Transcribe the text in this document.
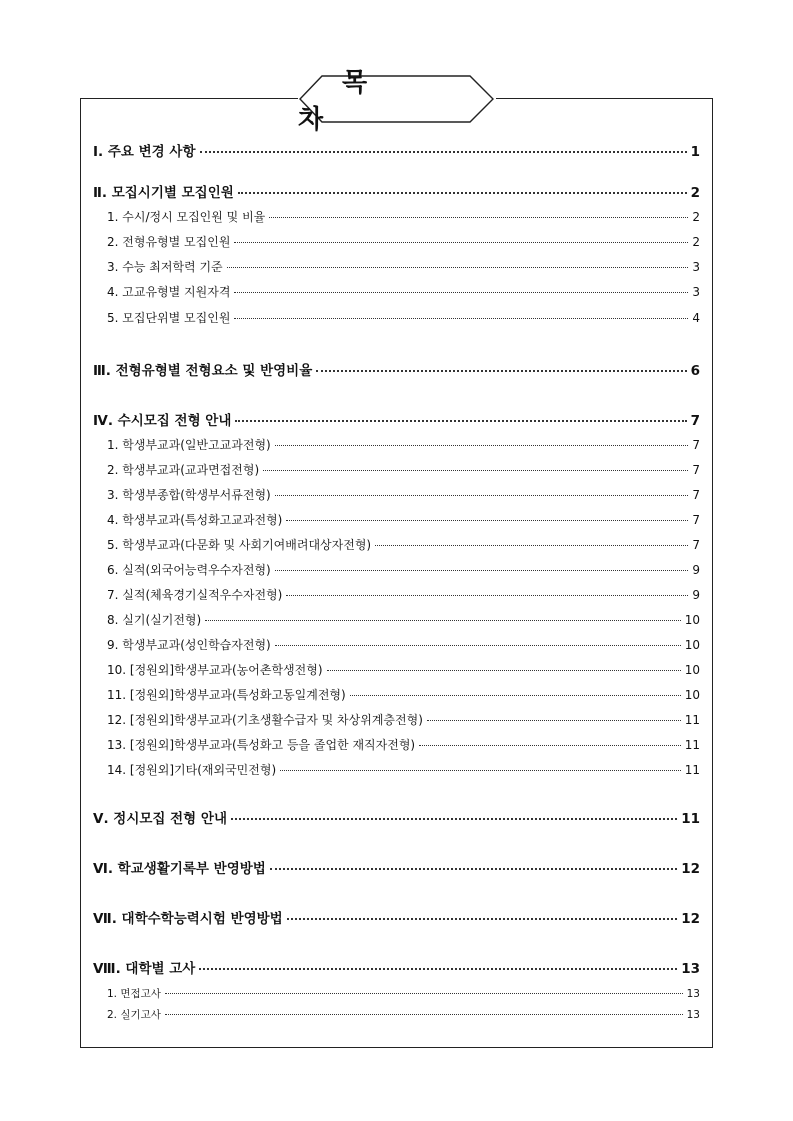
목 차
Ⅰ. 주요 변경 사항	1
Ⅱ. 모집시기별 모집인원	2
1. 수시/정시 모집인원 및 비율	2
2. 전형유형별 모집인원	2
3. 수능 최저학력 기준	3
4. 고교유형별 지원자격	3
5. 모집단위별 모집인원	4
Ⅲ. 전형유형별 전형요소 및 반영비율	6
Ⅳ. 수시모집 전형 안내	7
1. 학생부교과(일반고교과전형)	7
2. 학생부교과(교과면접전형)	7
3. 학생부종합(학생부서류전형)	7
4. 학생부교과(특성화고교과전형)	7
5. 학생부교과(다문화 및 사회기여배려대상자전형)	7
6. 실적(외국어능력우수자전형)	9
7. 실적(체육경기실적우수자전형)	9
8. 실기(실기전형)	10
9. 학생부교과(성인학습자전형)	10
10. [정원외]학생부교과(농어촌학생전형)	10
11. [정원외]학생부교과(특성화고동일계전형)	10
12. [정원외]학생부교과(기초생활수급자 및 차상위계층전형)	11
13. [정원외]학생부교과(특성화고 등을 졸업한 재직자전형)	11
14. [정원외]기타(재외국민전형)	11
Ⅴ. 정시모집 전형 안내	11
Ⅵ. 학교생활기록부 반영방법	12
Ⅶ. 대학수학능력시험 반영방법	12
Ⅷ. 대학별 고사	13
1. 면접고사	13
2. 실기고사	13
